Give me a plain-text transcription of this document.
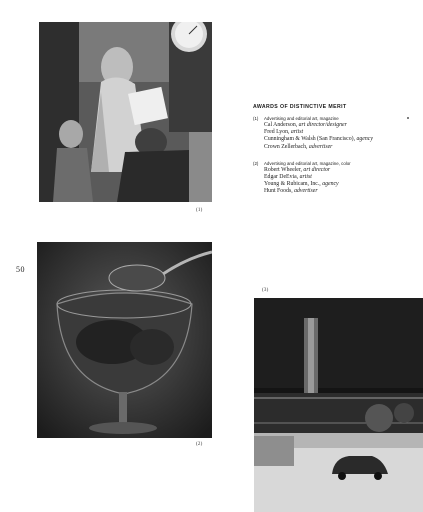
(1)
(2)
(3)
50
AWARDS OF DISTINCTIVE MERIT
(1)	Advertising and editorial art, magazine
Cal Anderson, art director/designer
Fred Lyon, artist
Cunningham & Walsh (San Francisco), agency
Crown Zellerbach, advertiser
(2)	Advertising and editorial art, magazine, color
Robert Wheeler, art director
Edgar DeEvia, artist
Young & Rubicam, Inc., agency
Hunt Foods, advertiser
